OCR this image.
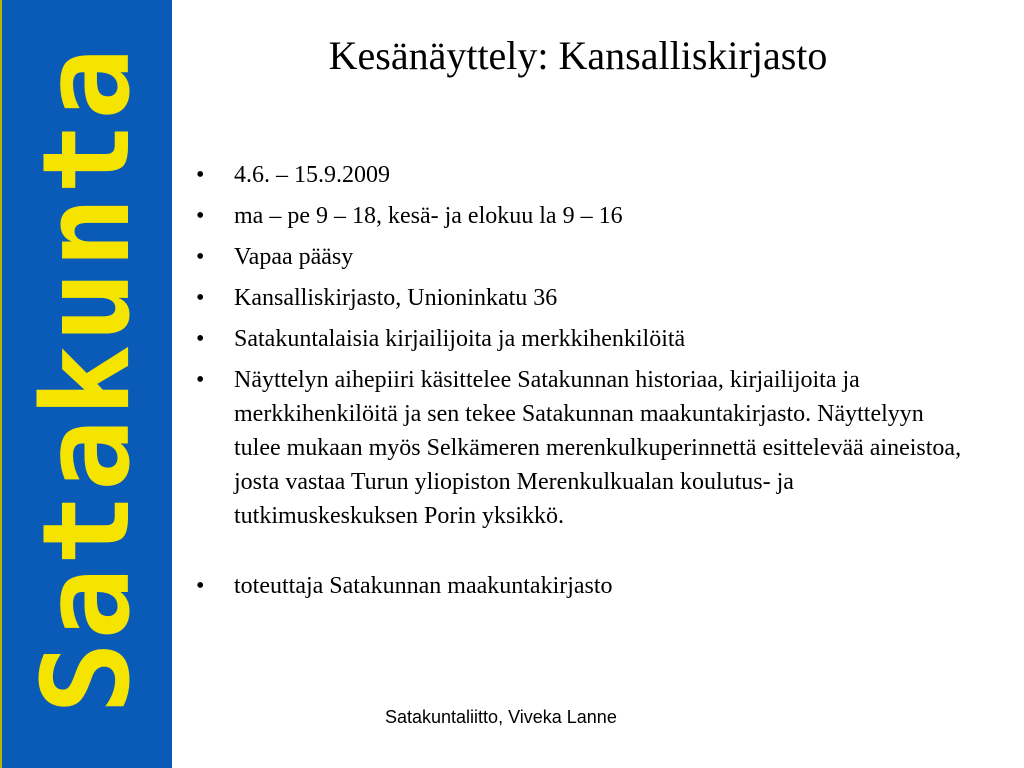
Satakunta	Kesänäyttely: Kansalliskirjasto
• 4.6. – 15.9.2009
• ma – pe 9 – 18, kesä- ja elokuu la 9 – 16
• Vapaa pääsy
• Kansalliskirjasto, Unioninkatu 36
• Satakuntalaisia kirjailijoita ja merkkihenkilöitä
• Näyttelyn aihepiiri käsittelee Satakunnan historiaa, kirjailijoita ja merkkihenkilöitä ja sen tekee Satakunnan maakuntakirjasto. Näyttelyyn tulee mukaan myös Selkämeren merenkulkuperinnettä esittelevää aineistoa, josta vastaa Turun yliopiston Merenkulkualan koulutus- ja tutkimuskeskuksen Porin yksikkö.
• toteuttaja Satakunnan maakuntakirjasto
Satakuntaliitto, Viveka Lanne
